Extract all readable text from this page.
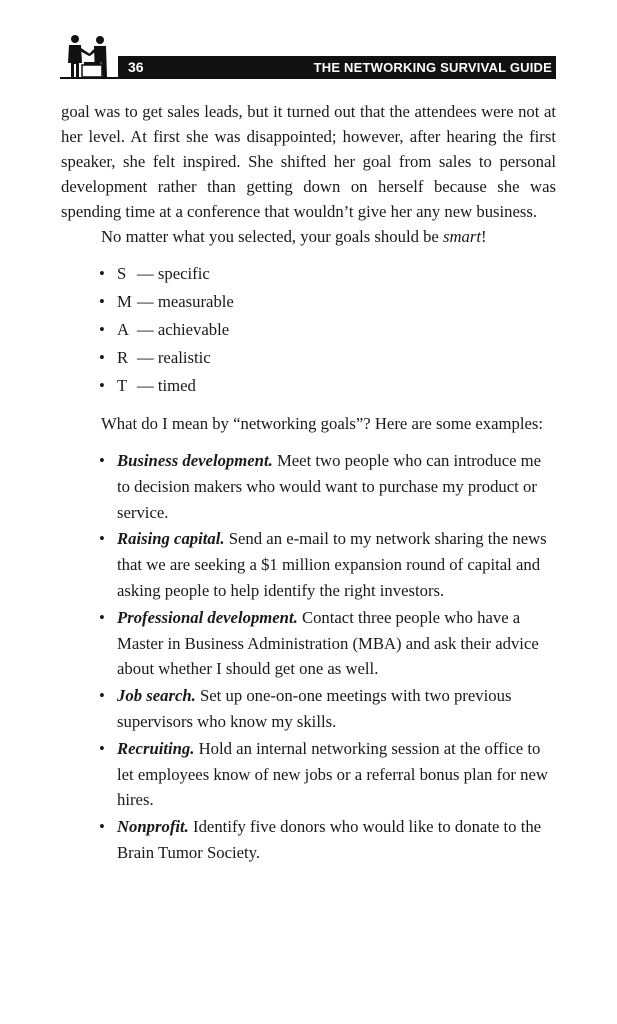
36	THE NETWORKING SURVIVAL GUIDE

goal was to get sales leads, but it turned out that the attendees were not at her level. At first she was disappointed; however, after hearing the first speaker, she felt inspired. She shifted her goal from sales to personal development rather than getting down on herself because she was spending time at a conference that wouldn’t give her any new business.

No matter what you selected, your goals should be smart!

• S — specific
• M — measurable
• A — achievable
• R — realistic
• T — timed

What do I mean by “networking goals”? Here are some examples:

• Business development. Meet two people who can introduce me to decision makers who would want to purchase my product or service.
• Raising capital. Send an e-mail to my network sharing the news that we are seeking a $1 million expansion round of capital and asking people to help identify the right investors.
• Professional development. Contact three people who have a Master in Business Administration (MBA) and ask their advice about whether I should get one as well.
• Job search. Set up one-on-one meetings with two previous supervisors who know my skills.
• Recruiting. Hold an internal networking session at the office to let employees know of new jobs or a referral bonus plan for new hires.
• Nonprofit. Identify five donors who would like to donate to the Brain Tumor Society.
